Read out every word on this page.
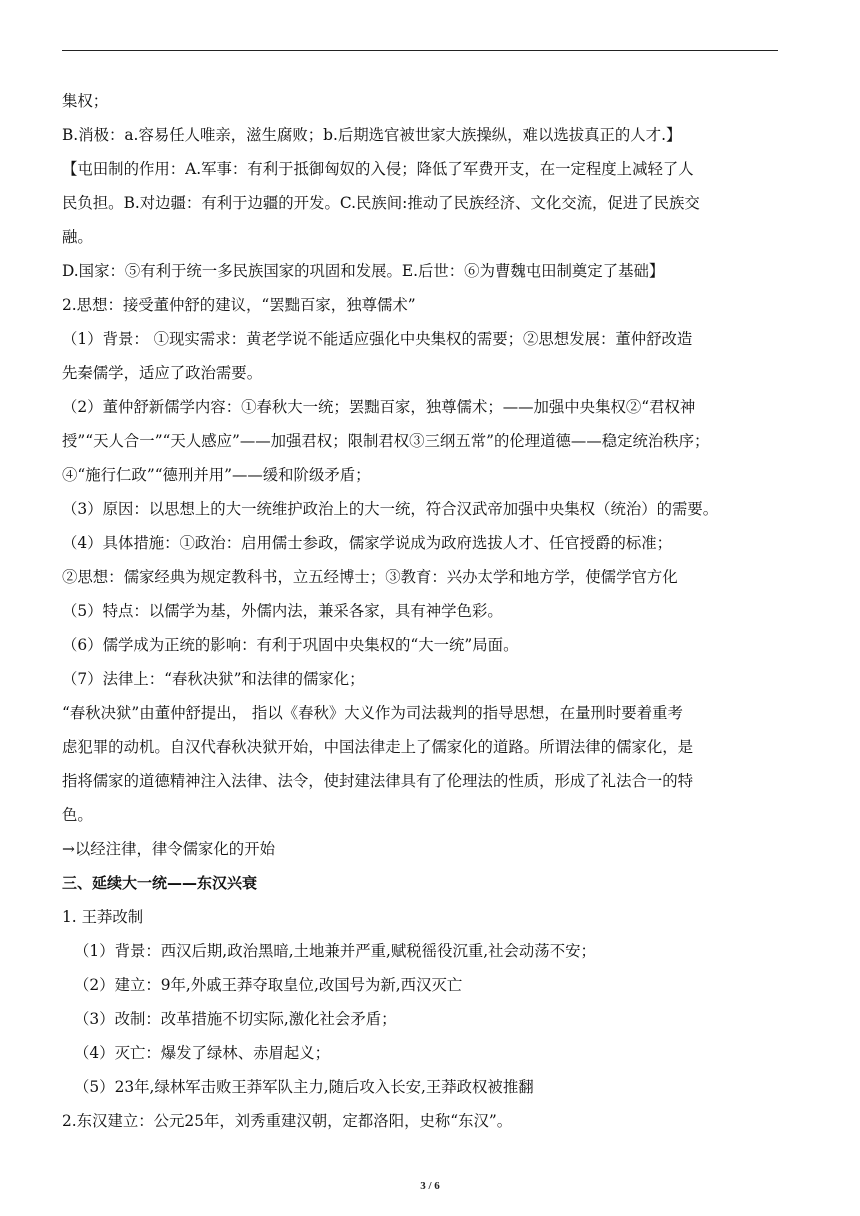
集权；
B.消极：a.容易任人唯亲，滋生腐败；b.后期选官被世家大族操纵，难以选拔真正的人才.】
【屯田制的作用：A.军事：有利于抵御匈奴的入侵；降低了军费开支，在一定程度上减轻了人
民负担。B.对边疆：有利于边疆的开发。C.民族间:推动了民族经济、文化交流，促进了民族交
融。
D.国家：⑤有利于统一多民族国家的巩固和发展。E.后世：⑥为曹魏屯田制奠定了基础】
2.思想：接受董仲舒的建议，“罢黜百家，独尊儒术”
（1）背景： ①现实需求：黄老学说不能适应强化中央集权的需要；②思想发展：董仲舒改造
先秦儒学，适应了政治需要。
（2）董仲舒新儒学内容：①春秋大一统；罢黜百家，独尊儒术；——加强中央集权②“君权神
授”“天人合一”“天人感应”——加强君权；限制君权③三纲五常”的伦理道德——稳定统治秩序；
④“施行仁政”“德刑并用”——缓和阶级矛盾；
（3）原因：以思想上的大一统维护政治上的大一统，符合汉武帝加强中央集权（统治）的需要。
（4）具体措施：①政治：启用儒士参政，儒家学说成为政府选拔人才、任官授爵的标准；
②思想：儒家经典为规定教科书，立五经博士；③教育：兴办太学和地方学，使儒学官方化
（5）特点：以儒学为基，外儒内法，兼采各家，具有神学色彩。
（6）儒学成为正统的影响：有利于巩固中央集权的“大一统”局面。
（7）法律上：“春秋决狱”和法律的儒家化；
“春秋决狱”由董仲舒提出， 指以《春秋》大义作为司法裁判的指导思想，在量刑时要着重考
虑犯罪的动机。自汉代春秋决狱开始，中国法律走上了儒家化的道路。所谓法律的儒家化，是
指将儒家的道德精神注入法律、法令，使封建法律具有了伦理法的性质，形成了礼法合一的特
色。
→以经注律，律令儒家化的开始
三、延续大一统——东汉兴衰
1. 王莽改制
（1）背景：西汉后期,政治黑暗,土地兼并严重,赋税徭役沉重,社会动荡不安；
（2）建立：9年,外戚王莽夺取皇位,改国号为新,西汉灭亡
（3）改制：改革措施不切实际,激化社会矛盾；
（4）灭亡：爆发了绿林、赤眉起义；
（5）23年,绿林军击败王莽军队主力,随后攻入长安,王莽政权被推翻
2.东汉建立：公元25年，刘秀重建汉朝，定都洛阳，史称“东汉”。
3 / 6
